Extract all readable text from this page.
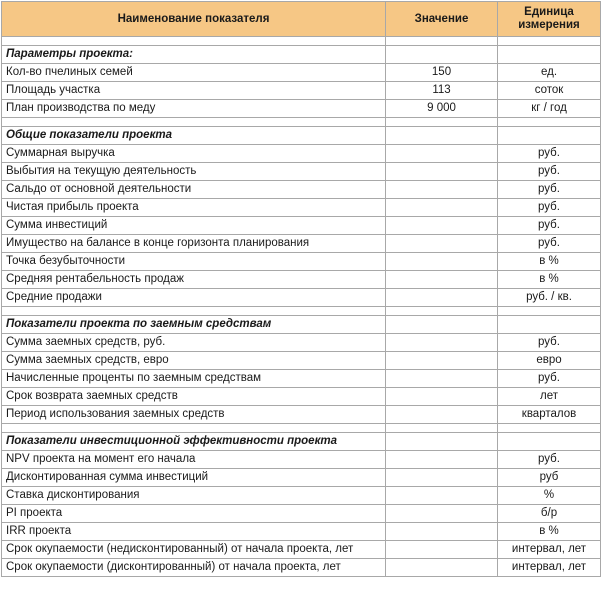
Наименование показателя	Значение	Единица измерения

Параметры проекта:		
Кол-во пчелиных семей	150	ед.
Площадь участка	113	соток
План производства по меду	9 000	кг / год

Общие показатели проекта		
Суммарная выручка		руб.
Выбытия на текущую деятельность		руб.
Сальдо от основной деятельности		руб.
Чистая прибыль проекта		руб.
Сумма инвестиций		руб.
Имущество на балансе в конце горизонта планирования		руб.
Точка безубыточности		в %
Средняя рентабельность продаж		в %
Средние продажи		руб. / кв.

Показатели проекта по заемным средствам		
Сумма заемных средств, руб.		руб.
Сумма заемных средств, евро		евро
Начисленные проценты по заемным средствам		руб.
Срок возврата заемных средств		лет
Период использования заемных средств		кварталов

Показатели инвестиционной эффективности проекта		
NPV проекта на момент его начала		руб.
Дисконтированная сумма инвестиций		руб
Ставка дисконтирования		%
PI проекта		б/р
IRR проекта		в %
Срок окупаемости (недисконтированный) от начала проекта, лет		интервал, лет
Срок окупаемости (дисконтированный) от начала проекта, лет		интервал, лет
